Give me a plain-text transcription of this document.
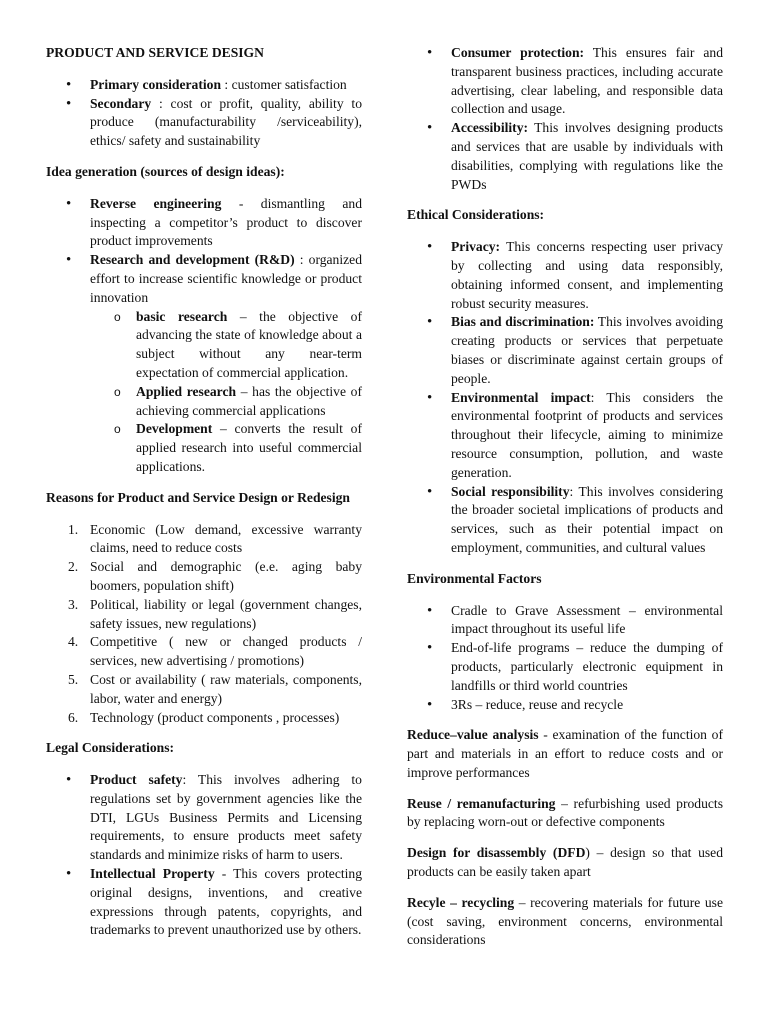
PRODUCT AND SERVICE DESIGN
• Primary consideration : customer satisfaction
• Secondary : cost or profit, quality, ability to produce (manufacturability /serviceability), ethics/ safety and sustainability
Idea generation (sources of design ideas):
• Reverse engineering - dismantling and inspecting a competitor’s product to discover product improvements
• Research and development (R&D) : organized effort to increase scientific knowledge or product innovation
o basic research – the objective of advancing the state of knowledge about a subject without any near-term expectation of commercial application.
o Applied research – has the objective of achieving commercial applications
o Development – converts the result of applied research into useful commercial applications.
Reasons for Product and Service Design or Redesign
1. Economic (Low demand, excessive warranty claims, need to reduce costs
2. Social and demographic (e.e. aging baby boomers, population shift)
3. Political, liability or legal (government changes, safety issues, new regulations)
4. Competitive ( new or changed products / services, new advertising / promotions)
5. Cost or availability ( raw materials, components, labor, water and energy)
6. Technology (product components , processes)
Legal Considerations:
• Product safety: This involves adhering to regulations set by government agencies like the DTI, LGUs Business Permits and Licensing requirements, to ensure products meet safety standards and minimize risks of harm to users.
• Intellectual Property - This covers protecting original designs, inventions, and creative expressions through patents, copyrights, and trademarks to prevent unauthorized use by others.
• Consumer protection: This ensures fair and transparent business practices, including accurate advertising, clear labeling, and responsible data collection and usage.
• Accessibility: This involves designing products and services that are usable by individuals with disabilities, complying with regulations like the PWDs
Ethical Considerations:
• Privacy: This concerns respecting user privacy by collecting and using data responsibly, obtaining informed consent, and implementing robust security measures.
• Bias and discrimination: This involves avoiding creating products or services that perpetuate biases or discriminate against certain groups of people.
• Environmental impact: This considers the environmental footprint of products and services throughout their lifecycle, aiming to minimize resource consumption, pollution, and waste generation.
• Social responsibility: This involves considering the broader societal implications of products and services, such as their potential impact on employment, communities, and cultural values
Environmental Factors
• Cradle to Grave Assessment – environmental impact throughout its useful life
• End-of-life programs – reduce the dumping of products, particularly electronic equipment in landfills or third world countries
• 3Rs – reduce, reuse and recycle

Reduce–value analysis - examination of the function of part and materials in an effort to reduce costs and or improve performances

Reuse / remanufacturing – refurbishing used products by replacing worn-out or defective components

Design for disassembly (DFD) – design so that used products can be easily taken apart

Recyle – recycling – recovering materials for future use (cost saving, environment concerns, environmental considerations
